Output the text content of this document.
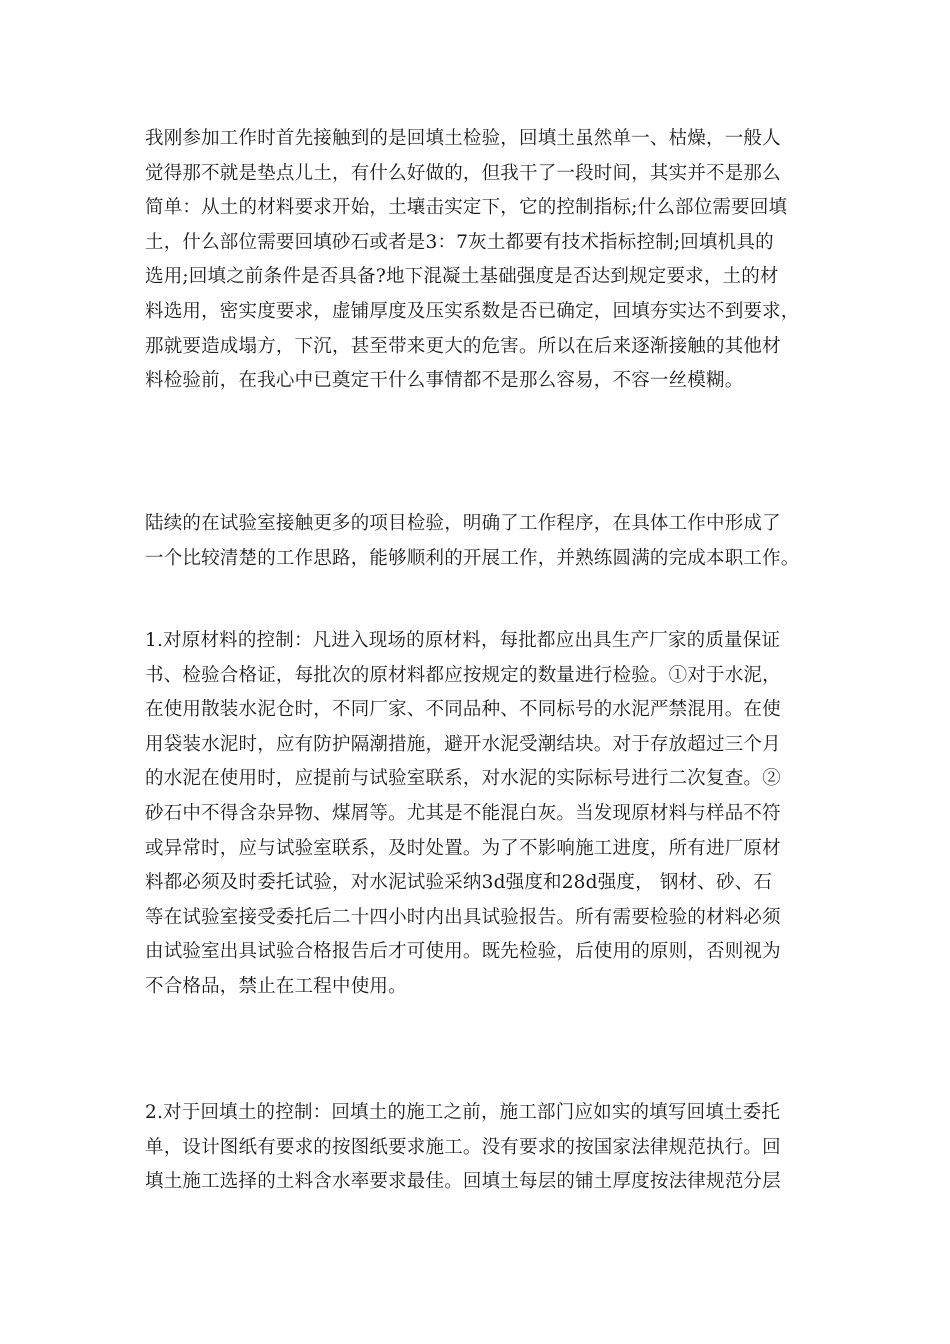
我刚参加工作时首先接触到的是回填土检验，回填土虽然单一、枯燥，一般人
觉得那不就是垫点儿土，有什么好做的，但我干了一段时间，其实并不是那么
简单：从土的材料要求开始，土壤击实定下，它的控制指标;什么部位需要回填
土，什么部位需要回填砂石或者是3：7灰土都要有技术指标控制;回填机具的
选用;回填之前条件是否具备?地下混凝土基础强度是否达到规定要求，土的材
料选用，密实度要求，虚铺厚度及压实系数是否已确定，回填夯实达不到要求，
那就要造成塌方，下沉，甚至带来更大的危害。所以在后来逐渐接触的其他材
料检验前，在我心中已奠定干什么事情都不是那么容易，不容一丝模糊。
陆续的在试验室接触更多的项目检验，明确了工作程序，在具体工作中形成了
一个比较清楚的工作思路，能够顺利的开展工作，并熟练圆满的完成本职工作。
1.对原材料的控制：凡进入现场的原材料，每批都应出具生产厂家的质量保证
书、检验合格证，每批次的原材料都应按规定的数量进行检验。①对于水泥，
在使用散装水泥仓时，不同厂家、不同品种、不同标号的水泥严禁混用。在使
用袋装水泥时，应有防护隔潮措施，避开水泥受潮结块。对于存放超过三个月
的水泥在使用时，应提前与试验室联系，对水泥的实际标号进行二次复查。②
砂石中不得含杂异物、煤屑等。尤其是不能混白灰。当发现原材料与样品不符
或异常时，应与试验室联系，及时处置。为了不影响施工进度，所有进厂原材
料都必须及时委托试验，对水泥试验采纳3d强度和28d强度， 钢材、砂、石
等在试验室接受委托后二十四小时内出具试验报告。所有需要检验的材料必须
由试验室出具试验合格报告后才可使用。既先检验，后使用的原则，否则视为
不合格品，禁止在工程中使用。
2.对于回填土的控制：回填土的施工之前，施工部门应如实的填写回填土委托
单，设计图纸有要求的按图纸要求施工。没有要求的按国家法律规范执行。回
填土施工选择的土料含水率要求最佳。回填土每层的铺土厚度按法律规范分层
